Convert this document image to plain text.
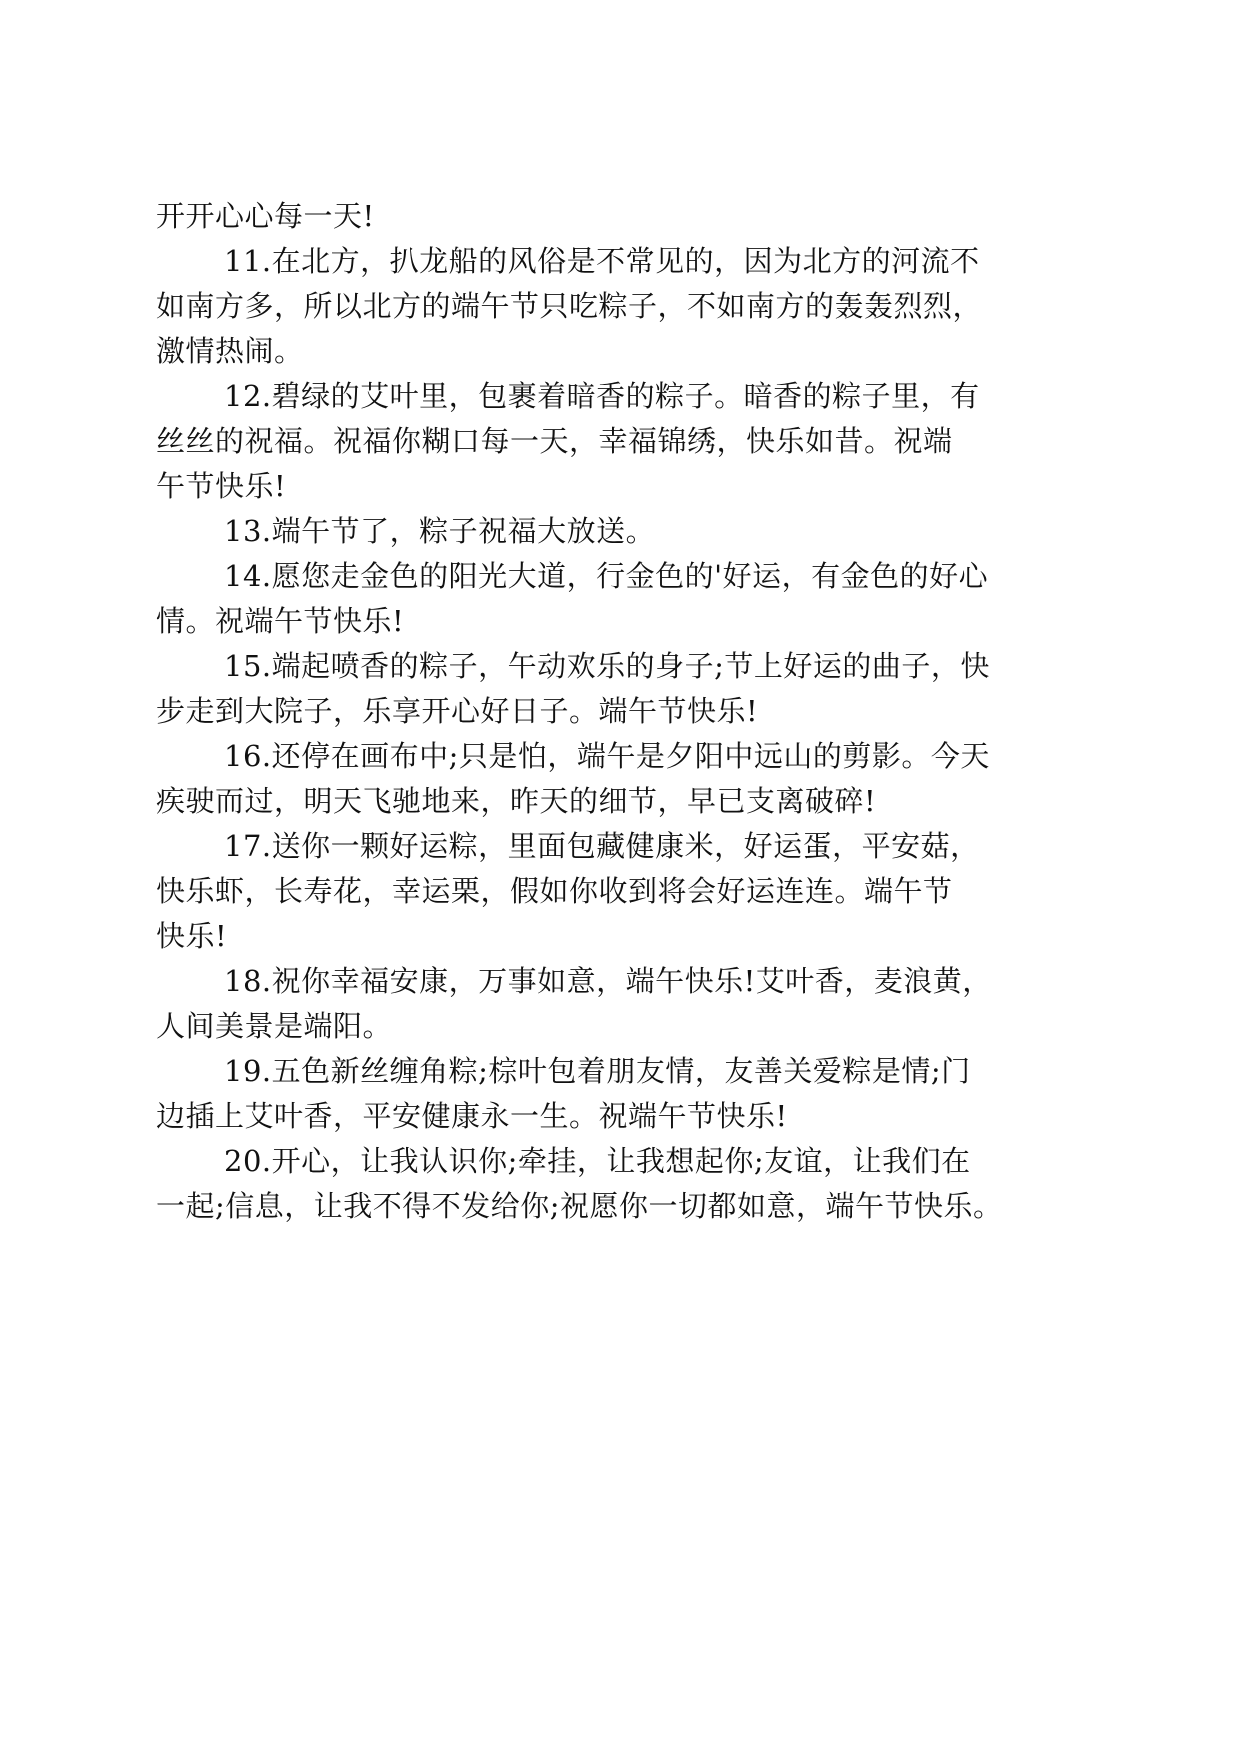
开开心心每一天!

11.在北方，扒龙船的风俗是不常见的，因为北方的河流不
如南方多，所以北方的端午节只吃粽子，不如南方的轰轰烈烈，
激情热闹。

12.碧绿的艾叶里，包裹着暗香的粽子。暗香的粽子里，有
丝丝的祝福。祝福你糊口每一天，幸福锦绣，快乐如昔。祝端
午节快乐!

13.端午节了，粽子祝福大放送。

14.愿您走金色的阳光大道，行金色的'好运，有金色的好心
情。祝端午节快乐!

15.端起喷香的粽子，午动欢乐的身子;节上好运的曲子，快
步走到大院子，乐享开心好日子。端午节快乐!

16.还停在画布中;只是怕，端午是夕阳中远山的剪影。今天
疾驶而过，明天飞驰地来，昨天的细节，早已支离破碎!

17.送你一颗好运粽，里面包藏健康米，好运蛋，平安菇，
快乐虾，长寿花，幸运栗，假如你收到将会好运连连。端午节
快乐!

18.祝你幸福安康，万事如意，端午快乐!艾叶香，麦浪黄，
人间美景是端阳。

19.五色新丝缠角粽;棕叶包着朋友情，友善关爱粽是情;门
边插上艾叶香，平安健康永一生。祝端午节快乐!

20.开心，让我认识你;牵挂，让我想起你;友谊，让我们在
一起;信息，让我不得不发给你;祝愿你一切都如意，端午节快乐。
